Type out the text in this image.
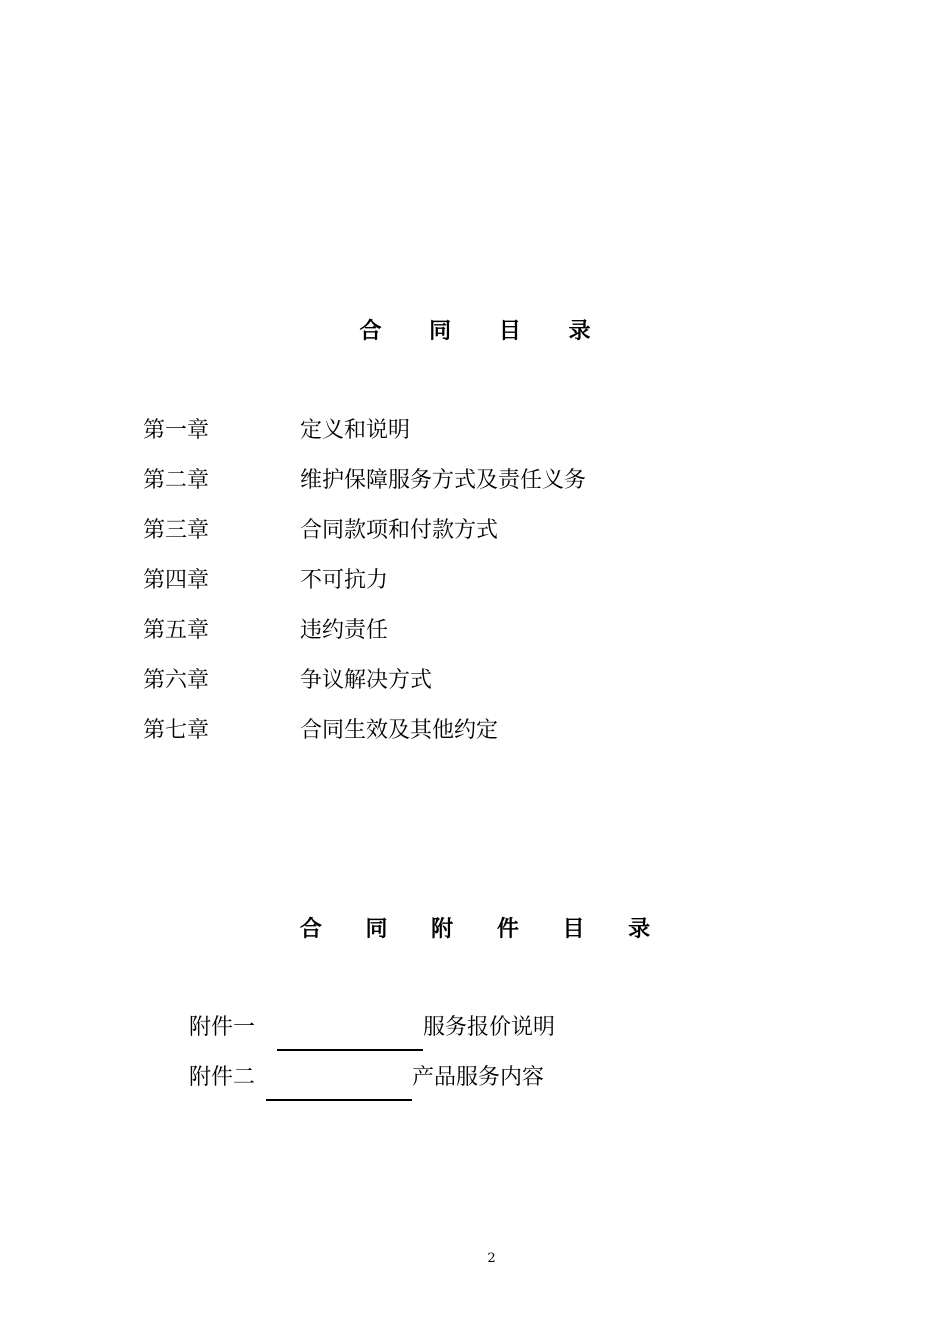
合 同 目 录
第一章	定义和说明
第二章	维护保障服务方式及责任义务
第三章	合同款项和付款方式
第四章	不可抗力
第五章	违约责任
第六章	争议解决方式
第七章	合同生效及其他约定
合 同 附 件 目 录
附件一	服务报价说明
附件二	产品服务内容
2
